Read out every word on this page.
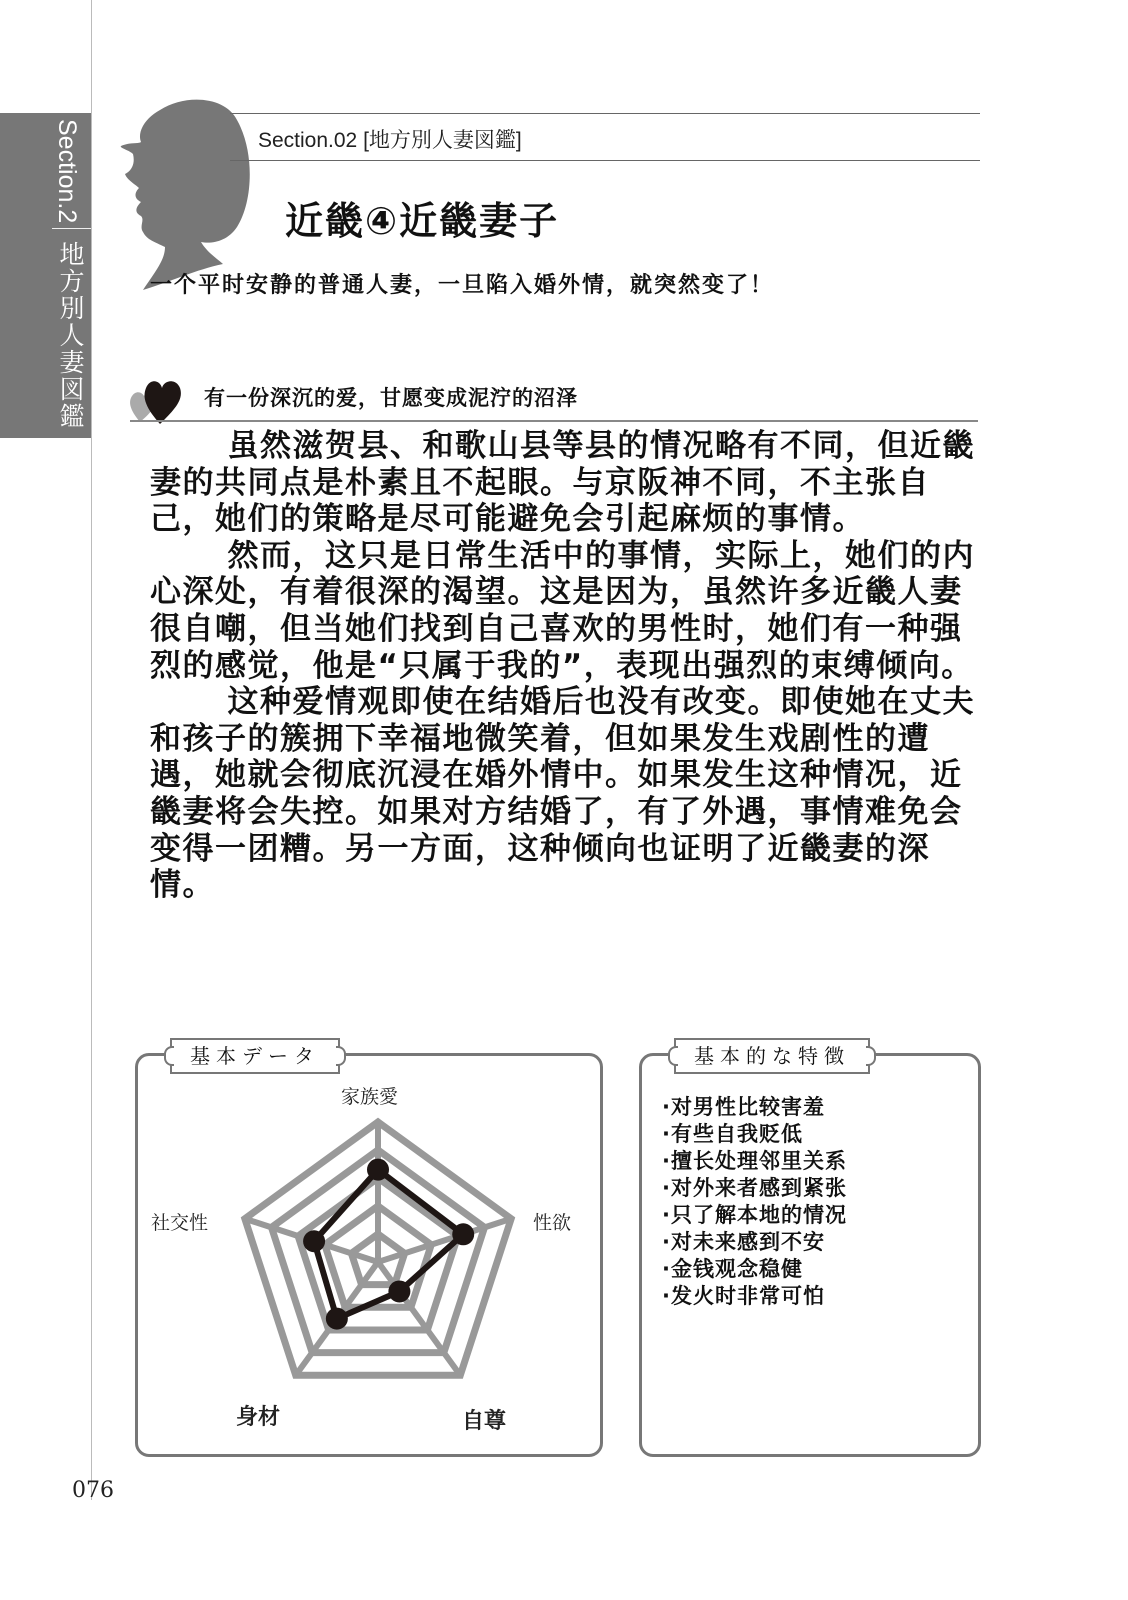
Section.2
地方別人妻図鑑
Section.02 [地方別人妻図鑑]
近畿④近畿妻子
一个平时安静的普通人妻，一旦陷入婚外情，就突然变了！
有一份深沉的爱，甘愿变成泥泞的沼泽

虽然滋贺县、和歌山县等县的情况略有不同，但近畿妻的共同点是朴素且不起眼。与京阪神不同，不主张自己，她们的策略是尽可能避免会引起麻烦的事情。

然而，这只是日常生活中的事情，实际上，她们的内心深处，有着很深的渴望。这是因为，虽然许多近畿人妻很自嘲，但当她们找到自己喜欢的男性时，她们有一种强烈的感觉，他是“只属于我的”，表现出强烈的束缚倾向。

这种爱情观即使在结婚后也没有改变。即使她在丈夫和孩子的簇拥下幸福地微笑着，但如果发生戏剧性的遭遇，她就会彻底沉浸在婚外情中。如果发生这种情况，近畿妻将会失控。如果对方结婚了，有了外遇，事情难免会变得一团糟。另一方面，这种倾向也证明了近畿妻的深情。

基本データ
家族愛
性欲
自尊
身材
社交性
基本的な特徴
·对男性比较害羞
·有些自我贬低
·擅长处理邻里关系
·对外来者感到紧张
·只了解本地的情况
·对未来感到不安
·金钱观念稳健
·发火时非常可怕
076
